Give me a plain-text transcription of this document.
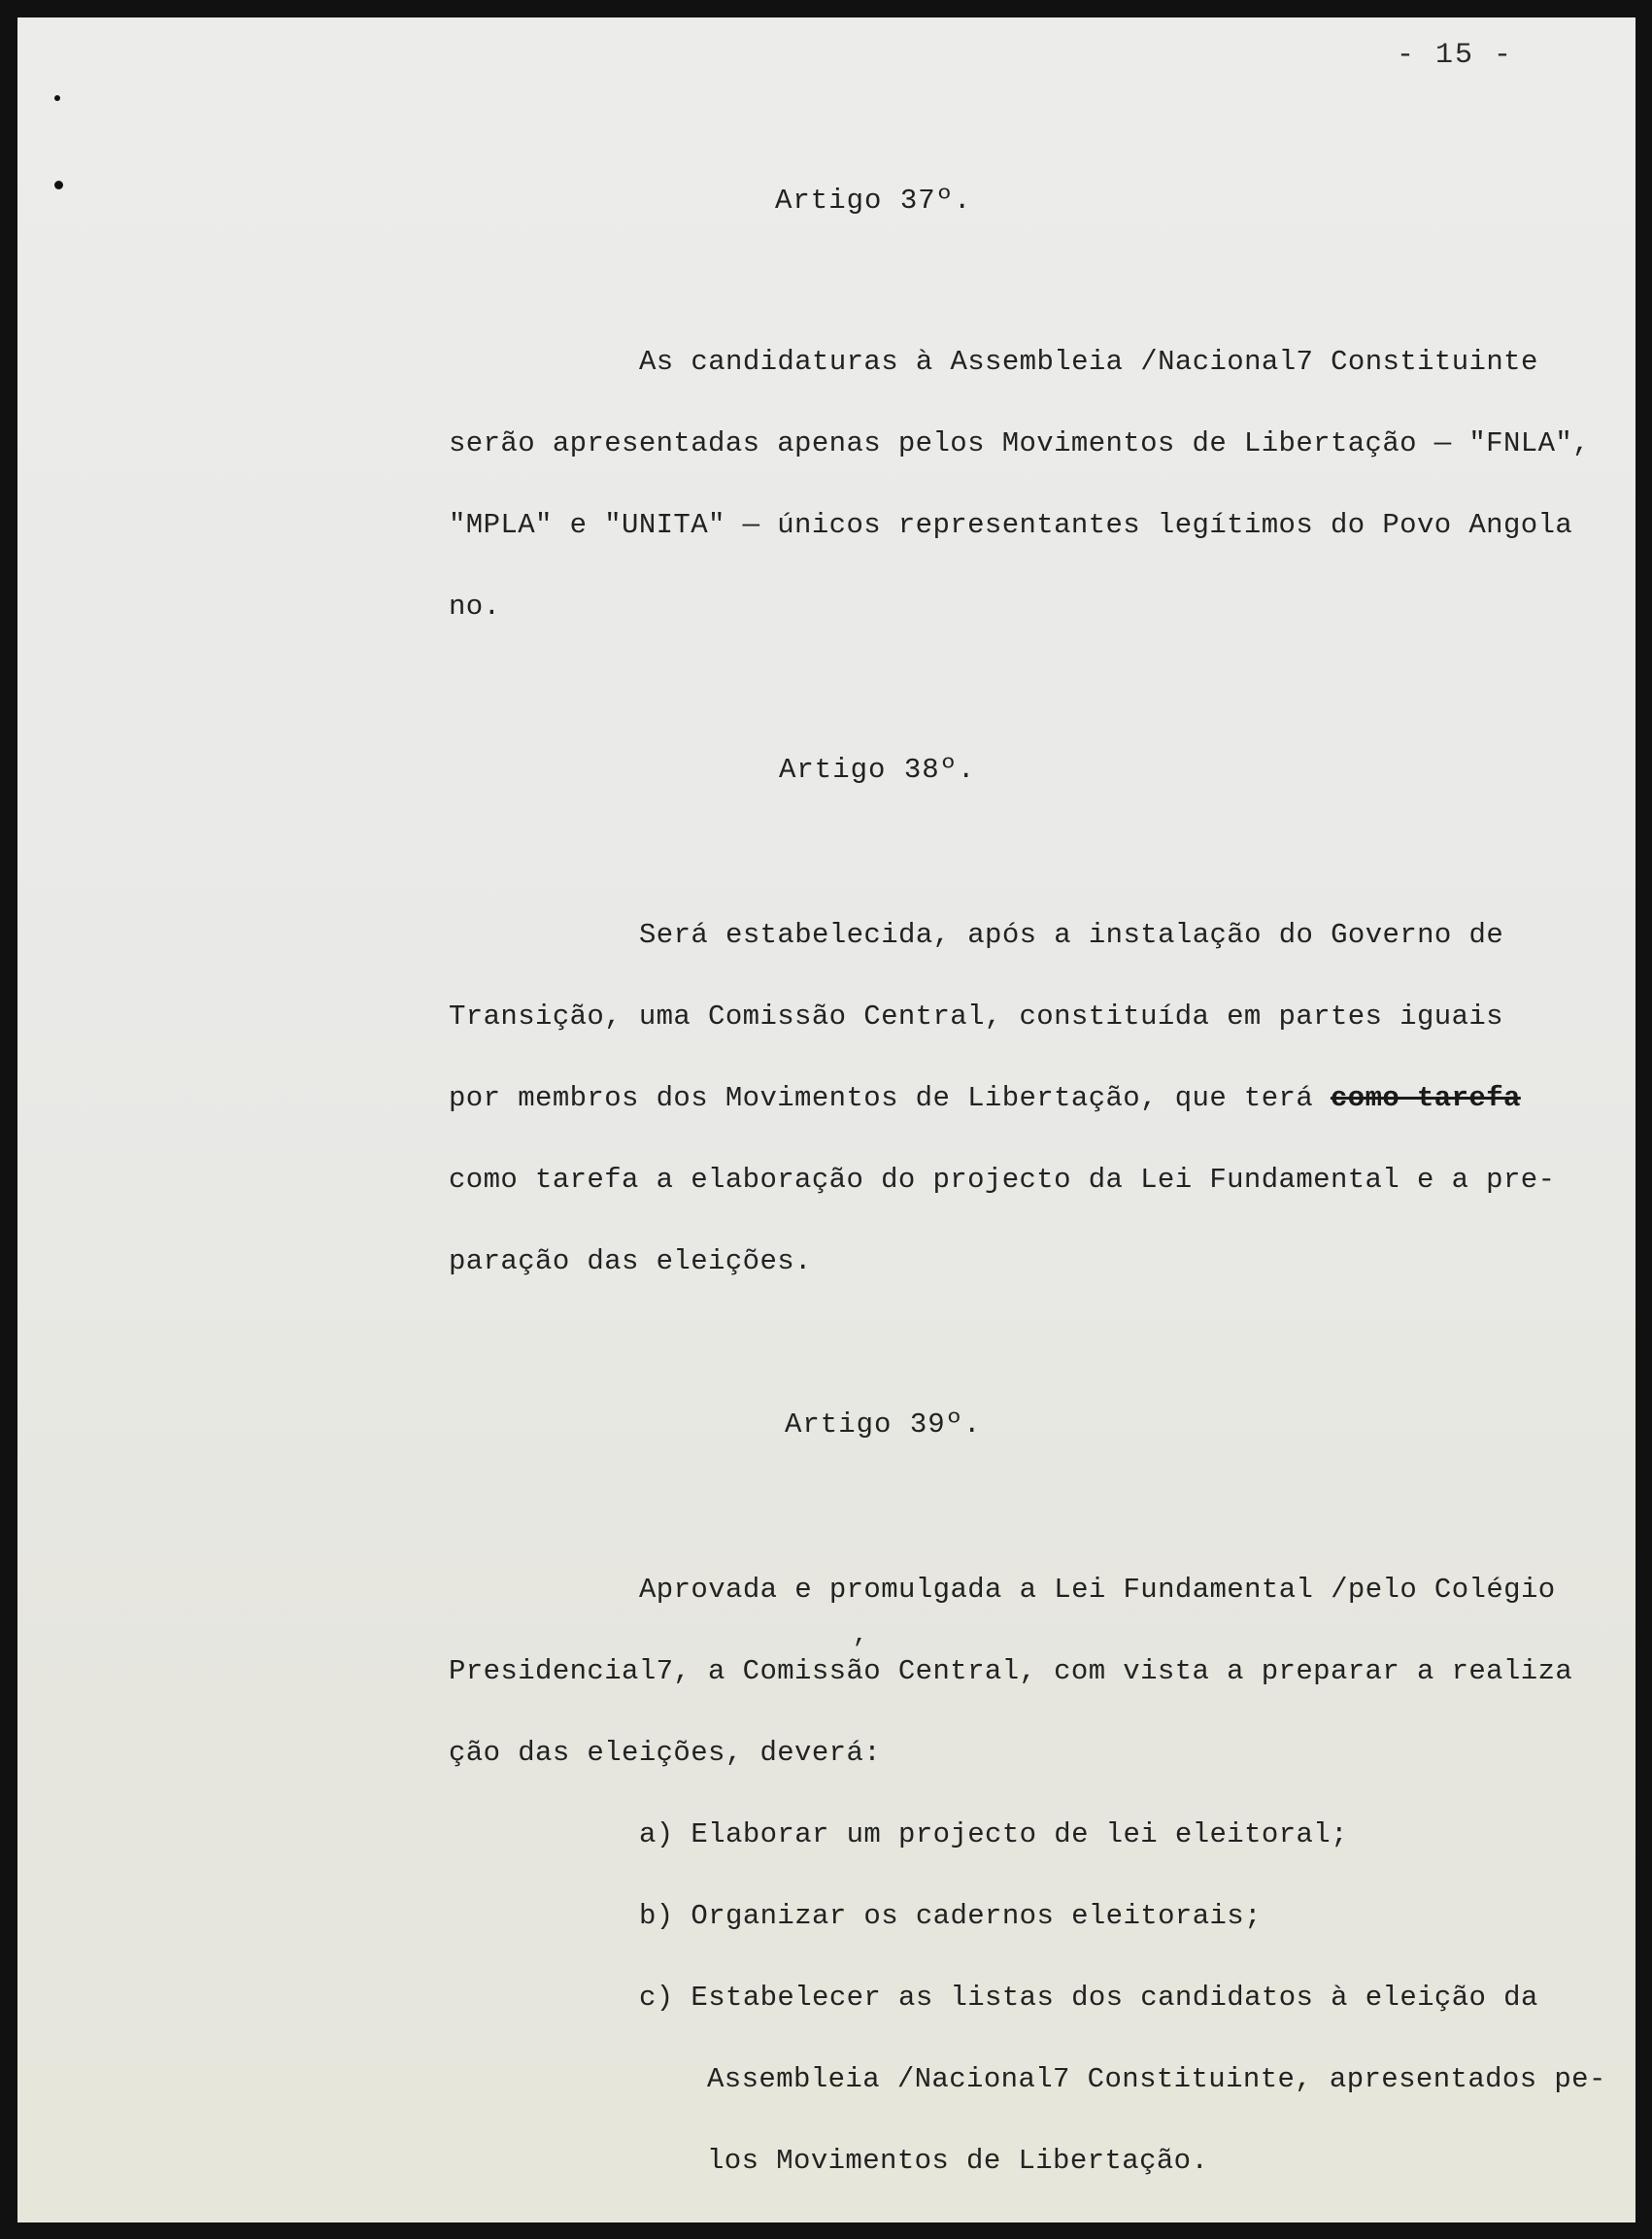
- 15 -
Artigo 37º.
As candidaturas à Assembleia /Nacional7 Constituinte
serão apresentadas apenas pelos Movimentos de Libertação — "FNLA",
"MPLA" e "UNITA" — únicos representantes legítimos do Povo Angola
no.
Artigo 38º.
Será estabelecida, após a instalação do Governo de
Transição, uma Comissão Central, constituída em partes iguais
por membros dos Movimentos de Libertação, que terá como tarefa
como tarefa a elaboração do projecto da Lei Fundamental e a pre-
paração das eleições.
Artigo 39º.
Aprovada e promulgada a Lei Fundamental /pelo Colégio
,
Presidencial7, a Comissão Central, com vista a preparar a realiza
ção das eleições, deverá:
a) Elaborar um projecto de lei eleitoral;
b) Organizar os cadernos eleitorais;
c) Estabelecer as listas dos candidatos à eleição da
Assembleia /Nacional7 Constituinte, apresentados pe-
los Movimentos de Libertação.
